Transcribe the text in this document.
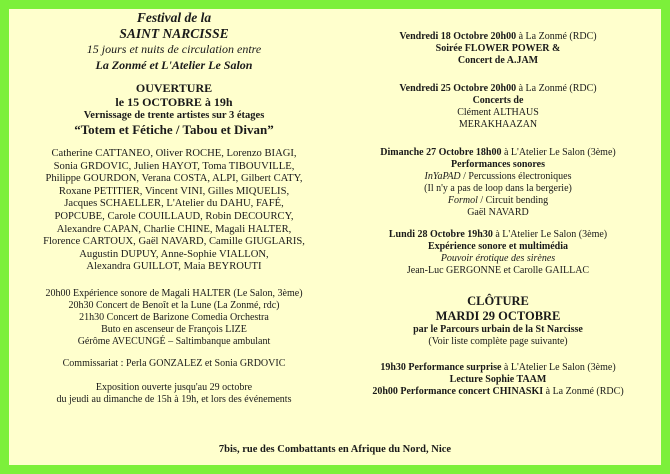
Festival de la
SAINT NARCISSE
15 jours et nuits de circulation entre
La Zonmé et L'Atelier Le Salon
OUVERTURE
le 15 OCTOBRE à 19h
Vernissage de trente artistes sur 3 étages
“Totem et Fétiche / Tabou et Divan”
Catherine CATTANEO, Oliver ROCHE, Lorenzo BIAGI,
Sonia GRDOVIC, Julien HAYOT, Toma TIBOUVILLE,
Philippe GOURDON, Verana COSTA, ALPI, Gilbert CATY,
Roxane PETITIER, Vincent VINI, Gilles MIQUELIS,
Jacques SCHAELLER, L'Atelier du DAHU, FAFÉ,
POPCUBE, Carole COUILLAUD, Robin DECOURCY,
Alexandre CAPAN, Charlie CHINE, Magali HALTER,
Florence CARTOUX, Gaël NAVARD, Camille GIUGLARIS,
Augustin DUPUY, Anne-Sophie VIALLON,
Alexandra GUILLOT, Maia BEYROUTI
20h00 Expérience sonore de Magali HALTER (Le Salon, 3ème)
20h30 Concert de Benoît et la Lune (La Zonmé, rdc)
21h30 Concert de Barizone Comedia Orchestra
Buto en ascenseur de François LIZE
Gérôme AVECUNGÉ – Saltimbanque ambulant
Commissariat : Perla GONZALEZ et Sonia GRDOVIC
Exposition ouverte jusqu'au 29 octobre
du jeudi au dimanche de 15h à 19h, et lors des événements
Vendredi 18 Octobre 20h00 à La Zonmé (RDC)
Soirée FLOWER POWER &
Concert de A.JAM
Vendredi 25 Octobre 20h00 à La Zonmé (RDC)
Concerts de
Clément ALTHAUS
MERAKHAAZAN
Dimanche 27 Octobre 18h00 à L'Atelier Le Salon (3ème)
Performances sonores
InYaPAD / Percussions électroniques
(Il n'y a pas de loop dans la bergerie)
Formol / Circuit bending
Gaël NAVARD
Lundi 28 Octobre 19h30 à L'Atelier Le Salon (3ème)
Expérience sonore et multimédia
Pouvoir érotique des sirènes
Jean-Luc GERGONNE et Carolle GAILLAC
CLÔTURE
MARDI 29 OCTOBRE
par le Parcours urbain de la St Narcisse
(Voir liste complète page suivante)
19h30 Performance surprise à L'Atelier Le Salon (3ème)
Lecture Sophie TAAM
20h00 Performance concert CHINASKI à La Zonmé (RDC)
7bis, rue des Combattants en Afrique du Nord, Nice
